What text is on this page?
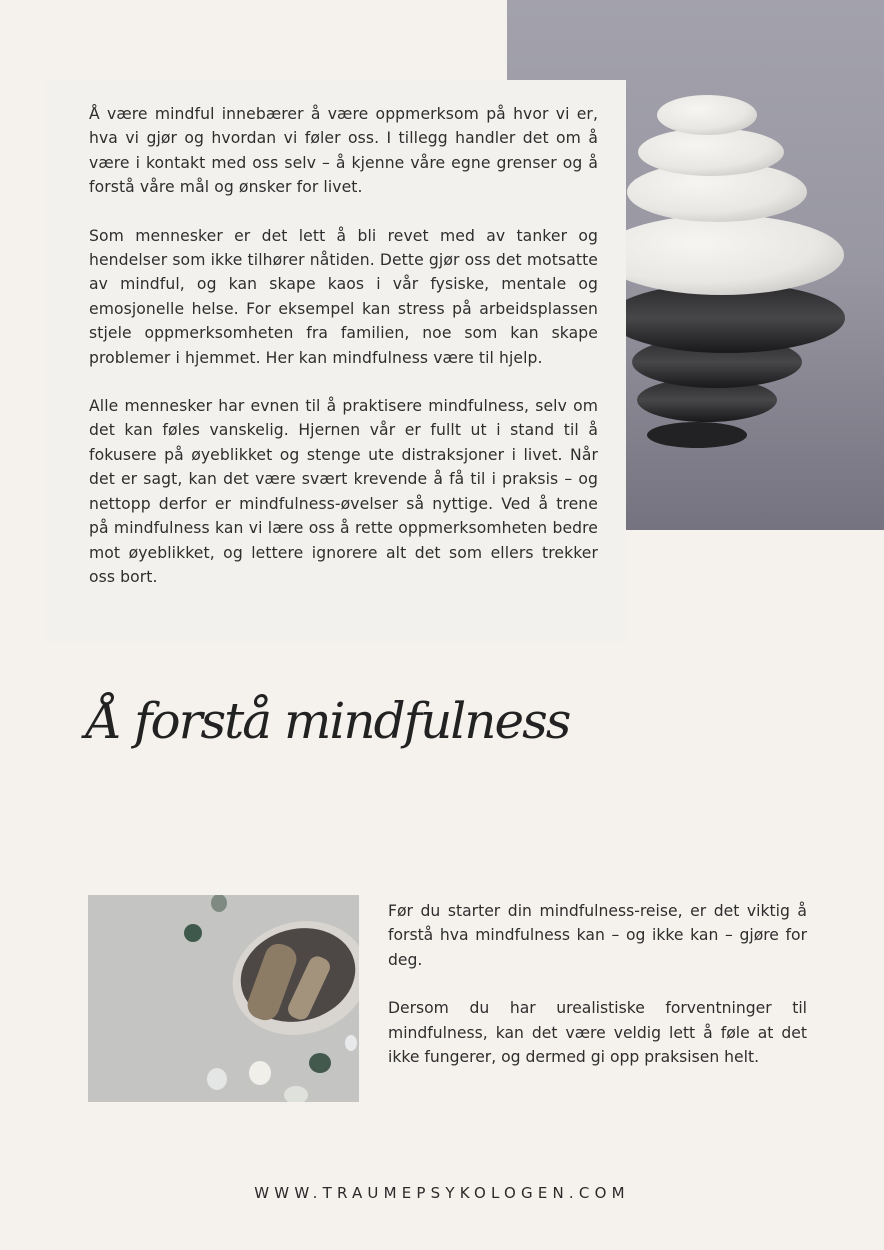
Å være mindful innebærer å være oppmerksom på hvor vi er, hva vi gjør og hvordan vi føler oss. I tillegg handler det om å være i kontakt med oss selv – å kjenne våre egne grenser og å forstå våre mål og ønsker for livet.

Som mennesker er det lett å bli revet med av tanker og hendelser som ikke tilhører nåtiden. Dette gjør oss det motsatte av mindful, og kan skape kaos i vår fysiske, mentale og emosjonelle helse. For eksempel kan stress på arbeidsplassen stjele oppmerksomheten fra familien, noe som kan skape problemer i hjemmet. Her kan mindfulness være til hjelp.

Alle mennesker har evnen til å praktisere mindfulness, selv om det kan føles vanskelig. Hjernen vår er fullt ut i stand til å fokusere på øyeblikket og stenge ute distraksjoner i livet. Når det er sagt, kan det være svært krevende å få til i praksis – og nettopp derfor er mindfulness-øvelser så nyttige. Ved å trene på mindfulness kan vi lære oss å rette oppmerksomheten bedre mot øyeblikket, og lettere ignorere alt det som ellers trekker oss bort.

Å forstå mindfulness

Før du starter din mindfulness-reise, er det viktig å forstå hva mindfulness kan – og ikke kan – gjøre for deg.

Dersom du har urealistiske forventninger til mindfulness, kan det være veldig lett å føle at det ikke fungerer, og dermed gi opp praksisen helt.

WWW.TRAUMEPSYKOLOGEN.COM
